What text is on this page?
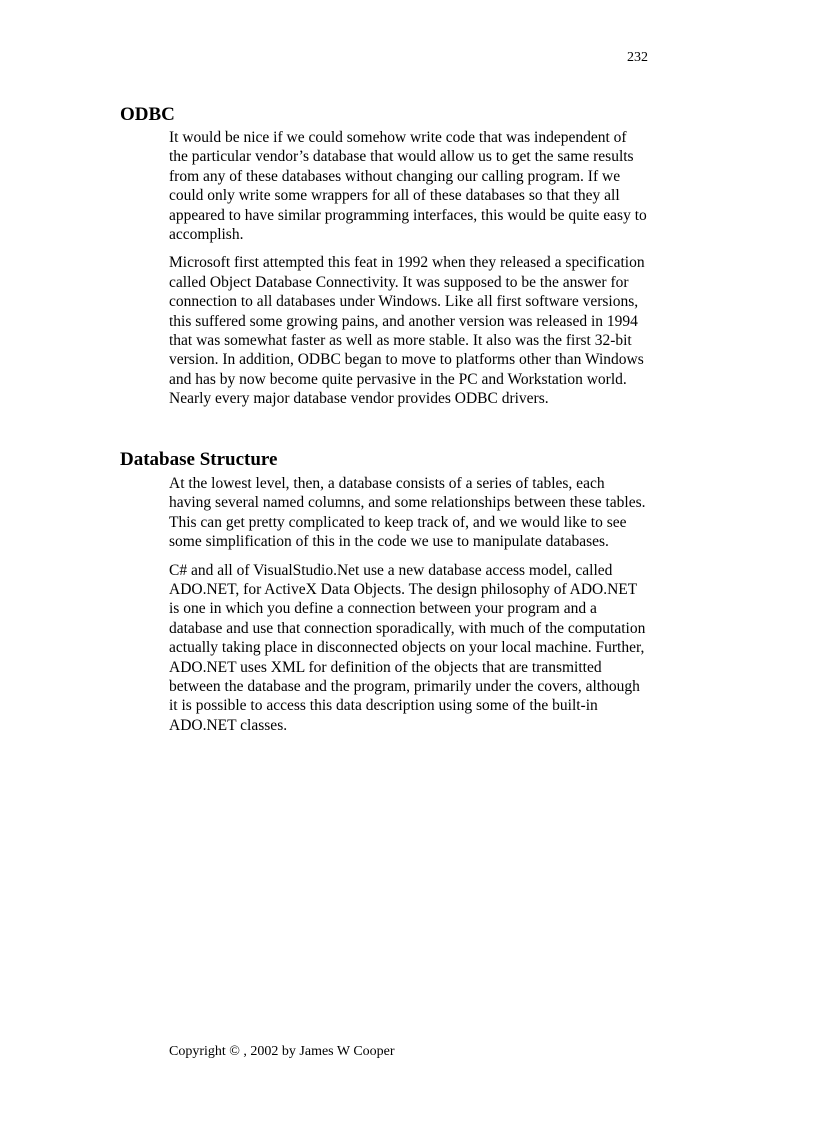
232
ODBC

It would be nice if we could somehow write code that was independent of the particular vendor’s database that would allow us to get the same results from any of these databases without changing our calling program. If we could only write some wrappers for all of these databases so that they all appeared to have similar programming interfaces, this would be quite easy to accomplish.

Microsoft first attempted this feat in 1992 when they released a specification called Object Database Connectivity. It was supposed to be the answer for connection to all databases under Windows. Like all first software versions, this suffered some growing pains, and another version was released in 1994 that was somewhat faster as well as more stable. It also was the first 32-bit version. In addition, ODBC began to move to platforms other than Windows and has by now become quite pervasive in the PC and Workstation world. Nearly every major database vendor provides ODBC drivers.

Database Structure

At the lowest level, then, a database consists of a series of tables, each having several named columns, and some relationships between these tables. This can get pretty complicated to keep track of, and we would like to see some simplification of this in the code we use to manipulate databases.

C# and all of VisualStudio.Net use a new database access model, called ADO.NET, for ActiveX Data Objects. The design philosophy of ADO.NET is one in which you define a connection between your program and a database and use that connection sporadically, with much of the computation actually taking place in disconnected objects on your local machine. Further, ADO.NET uses XML for definition of the objects that are transmitted between the database and the program, primarily under the covers, although it is possible to access this data description using some of the built-in ADO.NET classes.

Copyright © , 2002 by James W Cooper
